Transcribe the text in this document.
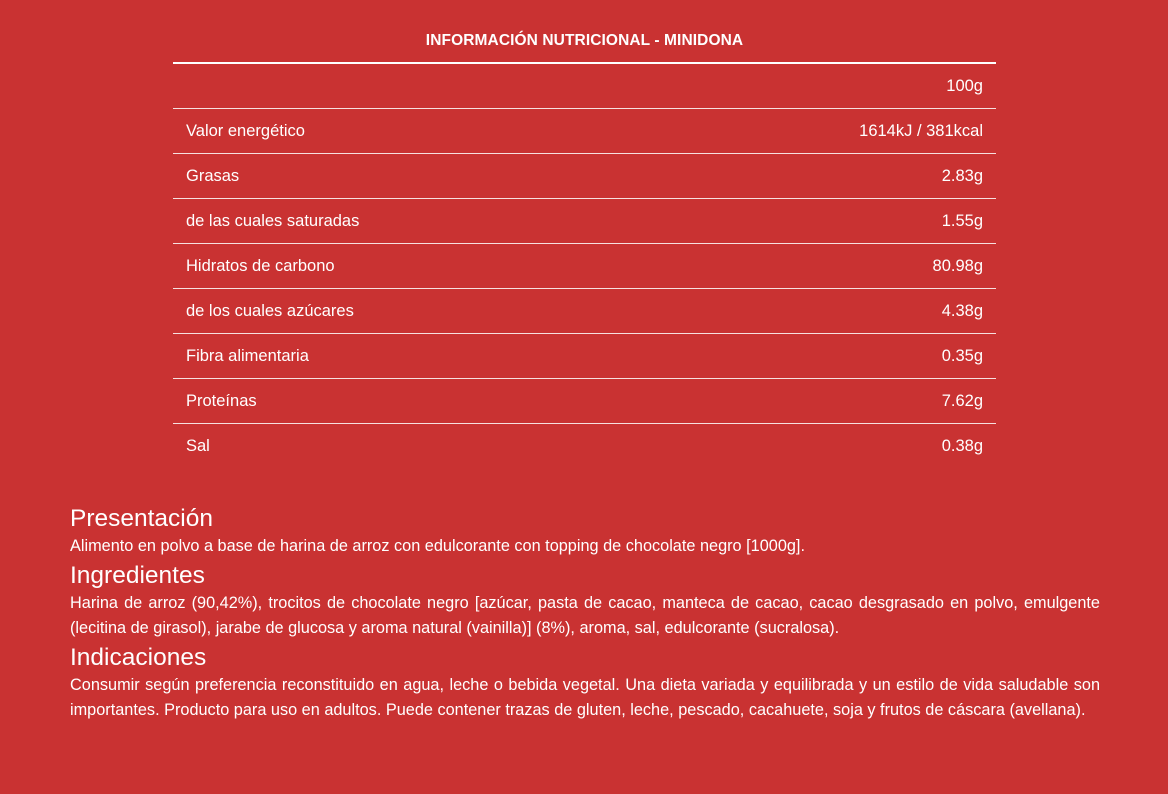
INFORMACIÓN NUTRICIONAL - MINIDONA
100g
Valor energético	1614kJ / 381kcal
Grasas	2.83g
de las cuales saturadas	1.55g
Hidratos de carbono	80.98g
de los cuales azúcares	4.38g
Fibra alimentaria	0.35g
Proteínas	7.62g
Sal	0.38g
Presentación

Alimento en polvo a base de harina de arroz con edulcorante con topping de chocolate negro [1000g].

Ingredientes

Harina de arroz (90,42%), trocitos de chocolate negro [azúcar, pasta de cacao, manteca de cacao, cacao desgrasado en polvo, emulgente (lecitina de girasol), jarabe de glucosa y aroma natural (vainilla)] (8%), aroma, sal, edulcorante (sucralosa).

Indicaciones

Consumir según preferencia reconstituido en agua, leche o bebida vegetal. Una dieta variada y equilibrada y un estilo de vida saludable son importantes. Producto para uso en adultos. Puede contener trazas de gluten, leche, pescado, cacahuete, soja y frutos de cáscara (avellana).
